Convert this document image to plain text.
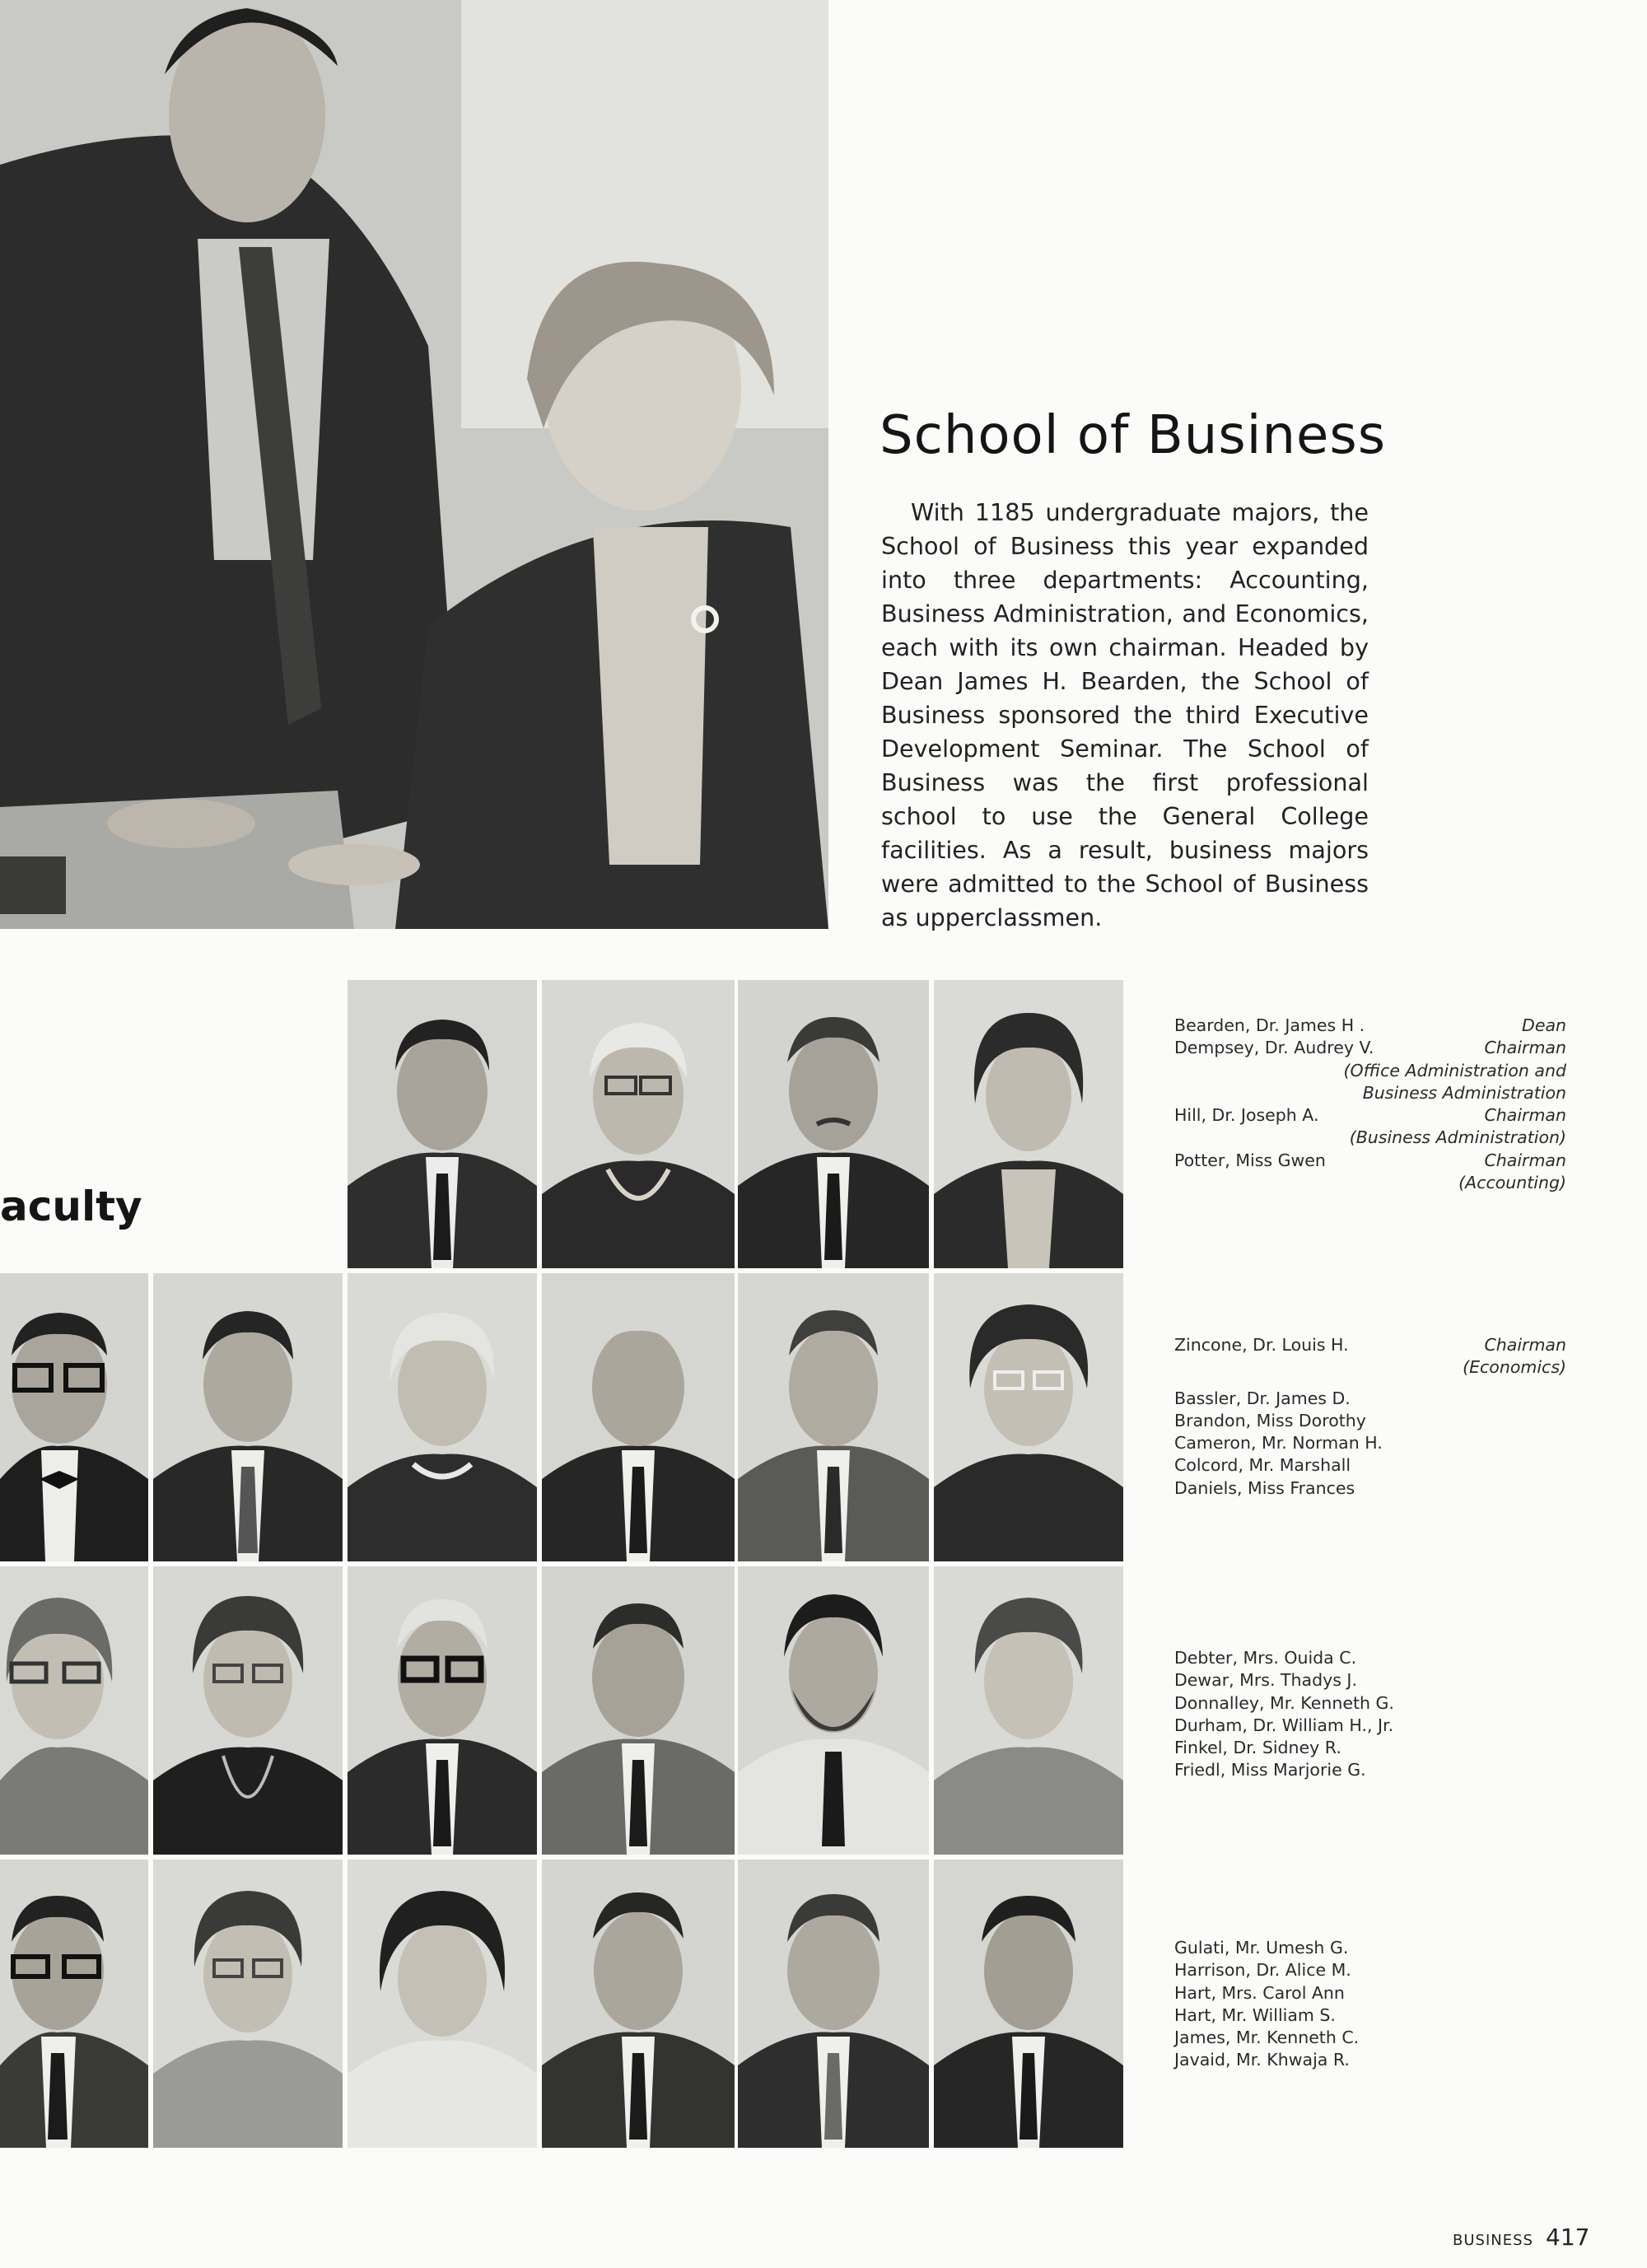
School of Business

With 1185 undergraduate majors, the School of Business this year expanded into three departments: Accounting, Business Administration, and Economics, each with its own chairman. Headed by Dean James H. Bearden, the School of Business sponsored the third Executive Development Seminar. The School of Business was the first professional school to use the General College facilities. As a result, business majors were admitted to the School of Business as upperclassmen.

aculty
Bearden, Dr. James H .	Dean
Dempsey, Dr. Audrey V.	Chairman
(Office Administration and
Business Administration
Hill, Dr. Joseph A.	Chairman
(Business Administration)
Potter, Miss Gwen	Chairman
(Accounting)
Zincone, Dr. Louis H.	Chairman
(Economics)
Bassler, Dr. James D.
Brandon, Miss Dorothy
Cameron, Mr. Norman H.
Colcord, Mr. Marshall
Daniels, Miss Frances
Debter, Mrs. Ouida C.
Dewar, Mrs. Thadys J.
Donnalley, Mr. Kenneth G.
Durham, Dr. William H., Jr.
Finkel, Dr. Sidney R.
Friedl, Miss Marjorie G.
Gulati, Mr. Umesh G.
Harrison, Dr. Alice M.
Hart, Mrs. Carol Ann
Hart, Mr. William S.
James, Mr. Kenneth C.
Javaid, Mr. Khwaja R.
BUSINESS 417
